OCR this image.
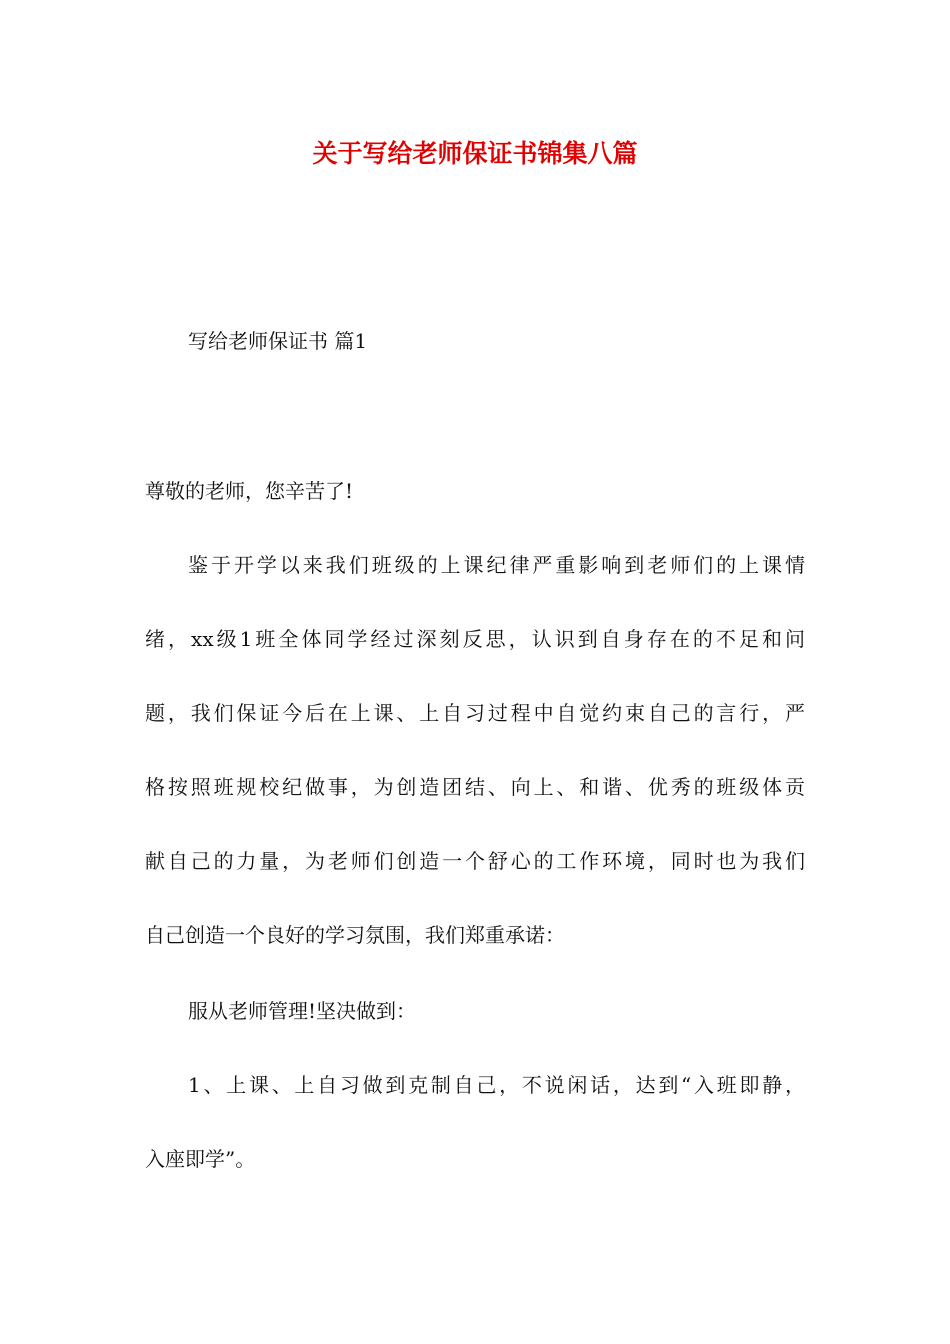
关于写给老师保证书锦集八篇

写给老师保证书 篇1

尊敬的老师，您辛苦了!

鉴于开学以来我们班级的上课纪律严重影响到老师们的上课情

绪，xx级1班全体同学经过深刻反思，认识到自身存在的不足和问

题，我们保证今后在上课、上自习过程中自觉约束自己的言行，严

格按照班规校纪做事，为创造团结、向上、和谐、优秀的班级体贡

献自己的力量，为老师们创造一个舒心的工作环境，同时也为我们

自己创造一个良好的学习氛围，我们郑重承诺：

服从老师管理!坚决做到：

1、上课、上自习做到克制自己，不说闲话，达到“入班即静，

入座即学”。
